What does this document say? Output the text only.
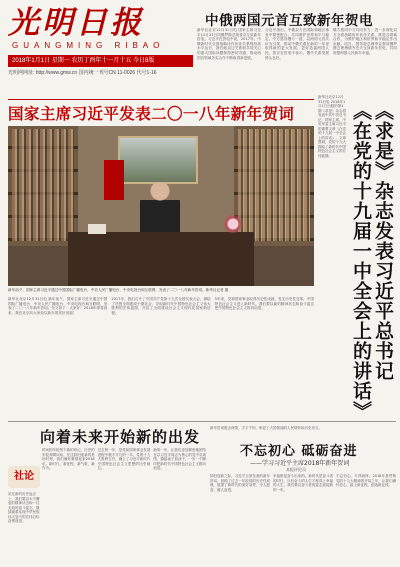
光明日报
GUANGMING RIBAO
2018年1月1日 星期一 农历丁酉年十一月十五 今日8版
光明网网址: http://www.gmw.cn 国内统一刊号CN 11-0026 代号1-16
中俄两国元首互致新年贺电
新华社北京12月31日电 国家主席习近平12月31日同俄罗斯总统普京互致新年贺电。习近平在贺电中说，2017年，中俄新时代全面战略协作伙伴关系保持高水平运行，我们就双边关系和共同关心的重大国际问题保持密切沟通，推动两国各领域务实合作不断取得新进展。
习近平指出，中俄双方在国际和地区事务中紧密配合，共同维护世界和平与稳定。中方愿同俄方一道，以两国元首共识为引领，推动中俄关系在新的一年里取得新的更大发展，更好造福两国人民。普京在贺电中表示，俄中关系发展势头良好。
俄方愿同中方共同努力，进一步深化双方全面战略协作伙伴关系，推进各领域合作，为维护地区和世界和平稳定作出贡献。同日，国务院总理李克强同俄罗斯总理梅德韦杰夫互致新年贺电，共同祝愿两国人民新年幸福。
国家主席习近平发表二〇一八年新年贺词
新年前夕，国家主席习近平通过中国国际广播电台、中央人民广播电台、中央电视台和互联网，发表了二〇一八年新年贺词。新华社记者 摄
新华社北京12月31日电 新年前夕，国家主席习近平通过中国国际广播电台、中央人民广播电台、中央电视台和互联网，发表了二〇一八年新年贺词。全文如下：大家好！2018年即将到来，我在北京向大家致以新年的美好祝福！
2017年，我们召开了中国共产党第十九次全国代表大会，描绘了决胜全面建成小康社会、夺取新时代中国特色社会主义伟大胜利的宏伟蓝图，开启了全面建设社会主义现代化国家新征程。
5年来，党和国家事业取得历史性成就、发生历史性变革，中国特色社会主义进入新时代。我们要以新的精神状态和奋斗姿态把中国特色社会主义推向前进。
新华社北京12月31日电 2018年1月1日出版的第1期《求是》杂志将发表中共中央总书记、国家主席、中央军委主席习近平的重要文章《在党的十九届一中全会上的讲话》。文章强调，党的十九大描绘了新时代中国特色社会主义的宏伟蓝图。	《求是》杂志发表习近平总书记《在党的十九届一中全会上的讲话》
向着未来开始新的出发
社论
站在新的历史起点上，我们要以永不懈怠的精神状态和一往无前的奋斗姿态，继续朝着实现中华民族伟大复兴的宏伟目标奋勇前进。
时间的年轮刻下新的印记，历史的车轮奔腾向前。在这辞旧迎新的美好时刻，我们满怀豪情迎来2018年。新时代，新征程，新气象，新作为。
过去的一年，是党和国家事业发展进程中极不平凡的一年。党的十九大胜利召开，确立了习近平新时代中国特色社会主义思想的历史地位。
新的一年，让我们更加紧密地团结在以习近平同志为核心的党中央周围，撸起袖子加油干，一步一个脚印把新时代中国特色社会主义推向前进。
新年贺词饱含深情，字字千钧，彰显了大国领袖的人民情怀和历史担当。
不忘初心 砥砺奋进
——学习习近平主席2018年新年贺词
本报评论员
辞旧迎新之际，习近平主席发表的新年贺词，回顾了过去一年取得的历史性成就，展望了新时代的美好前景，令人振奋，催人奋进。
幸福都是奋斗出来的。新时代是奋斗者的时代，只有奋斗的人生才称得上幸福的人生。我们要以奋斗者的姿态迎接新的一年。
不忘初心，方得始终。2018年是贯彻党的十九大精神的开局之年，让我们满怀信心，踏上新征程，创造新业绩。
